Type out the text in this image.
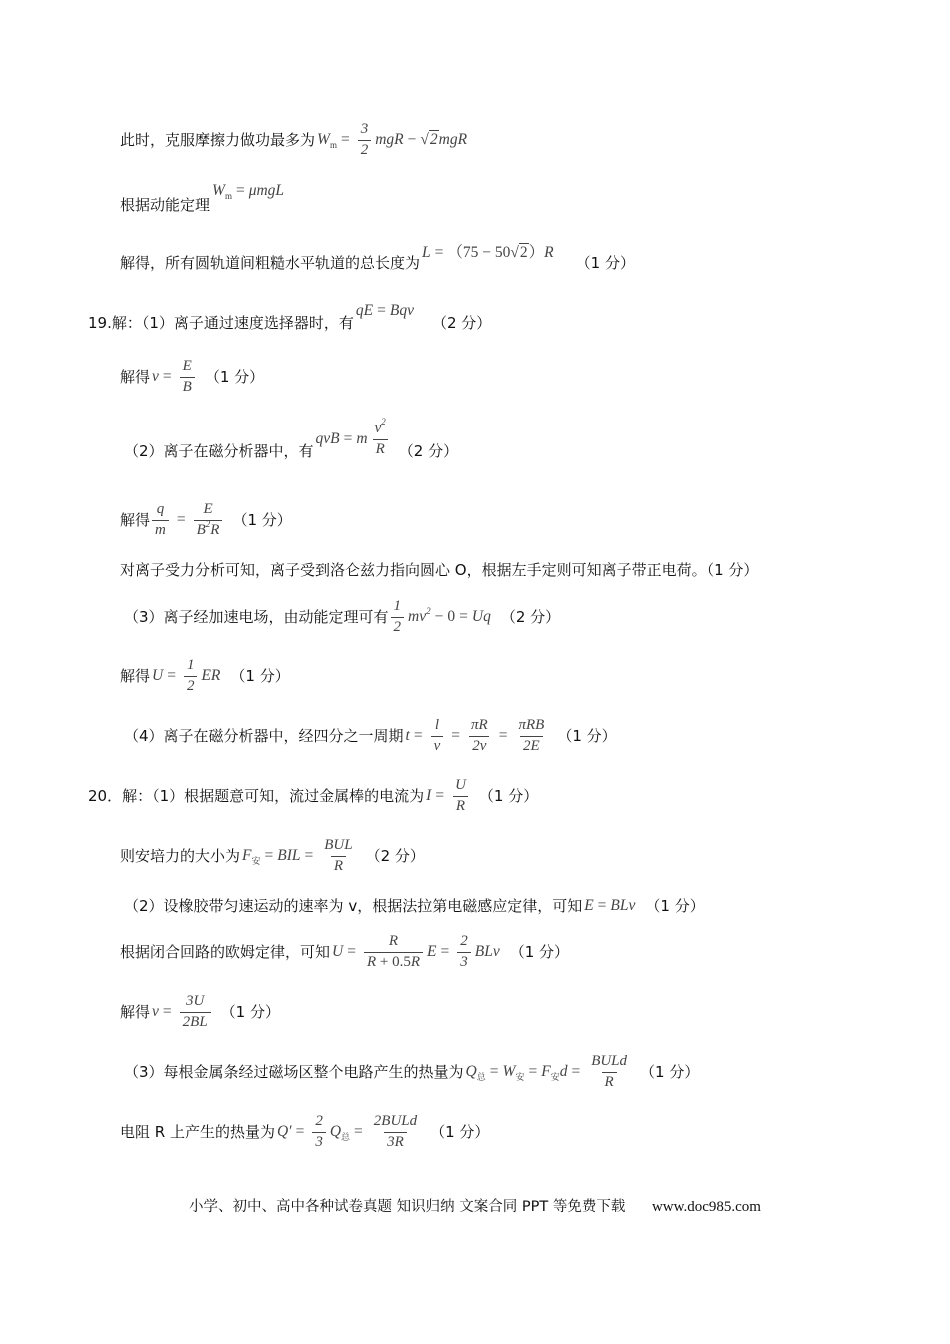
此时，克服摩擦力做功最多为 $W_m = \frac{3}{2}$ mgR − √2mgR
根据动能定理
$W_m = \mu mgL$
解得，所有圆轨道间粗糙水平轨道的总长度为
L = （75 − 50√2）R
（1 分）
19.解：（1）离子通过速度选择器时，有
qE = Bqv
（2 分）
解得 $v = \frac{E}{B} (1$ 分）
（2）离子在磁分析器中，有
qvB = m $\frac{v^2}{R} (2$ 分）
解得 $\frac{q}{m} = \frac{E}{B^2R} (1$ 分）
对离子受力分析可知，离子受到洛仑兹力指向圆心 O，根据左手定则可知离子带正电荷。（1 分）
（3）离子经加速电场，由动能定理可有 $\frac{1}{2} mv^2 - 0 = Uq$ （2 分）
解得 $U = \frac{1}{2}$ ER （1 分）
（4）离子在磁分析器中，经四分之一周期 $t = \frac{l}{v} = \frac{\pi R}{2v} = \frac{\text{πRB}}{2E} (1$ 分）
20．解：（1）根据题意可知，流过金属棒的电流为 $I = \frac{U}{R} (1$ 分）
则安培力的大小为 $F_安$ = BIL = $\frac{\text{BUL}}{R} (2$ 分）
（2）设橡胶带匀速运动的速率为 v，根据法拉第电磁感应定律，可知 E = BLv （1 分）
根据闭合回路的欧姆定律，可知 $U = \frac{R}{R + 0.5R}$ $E = \frac{2}{3}$ BLv （1 分）
解得 $v = \frac{3U}{2BL} (1$ 分）
（3）每根金属条经过磁场区整个电路产生的热量为 $Q_总 = W_安 = F_安d = \frac{\text{BULd}}{R} (1$ 分）
电阻 R 上产生的热量为 $Q' = \frac{2}{3} Q_总 = \frac{\text{2BULd}}{3R} (1$ 分）
小学、初中、高中各种试卷真题 知识归纳 文案合同 PPT 等免费下载 www.doc985.com
